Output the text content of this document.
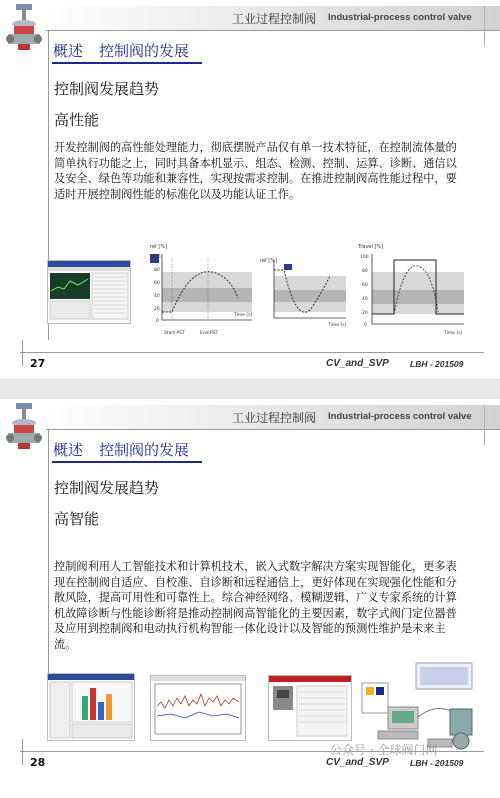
工业过程控制阀 Industrial-process control valve
概述 控制阀的发展
控制阀发展趋势
高性能
开发控制阀的高性能处理能力，彻底摆脱产品仅有单一技术特征，在控制流体量的简单执行功能之上，同时具备本机显示、组态、检测、控制、运算、诊断、通信以及安全、绿色等功能和兼容性，实现按需求控制。在推进控制阀高性能过程中，要适时开展控制阀性能的标准化以及功能认证工作。
ref [%]
100
80
60
40
20
0
Time [s]
Start PST	End PST
ref [%]
Time [s]
Travel [%]
100
80
60
40
20
0
Time [s]
27	CV_and_SVP LBH - 201509
工业过程控制阀 Industrial-process control valve
概述 控制阀的发展
控制阀发展趋势
高智能
控制阀利用人工智能技术和计算机技术，嵌入式数字解决方案实现智能化，更多表现在控制阀自适应、自校准、自诊断和远程通信上，更好体现在实现强化性能和分散风险，提高可用性和可靠性上。综合神经网络、模糊逻辑、广义专家系统的计算机故障诊断与性能诊断将是推动控制阀高智能化的主要因素，数字式阀门定位器普及应用到控制阀和电动执行机构智能一体化设计以及智能的预测性维护是未来主流。
28	CV_and_SVP LBH - 201509
公众号 · 全球阀门网
